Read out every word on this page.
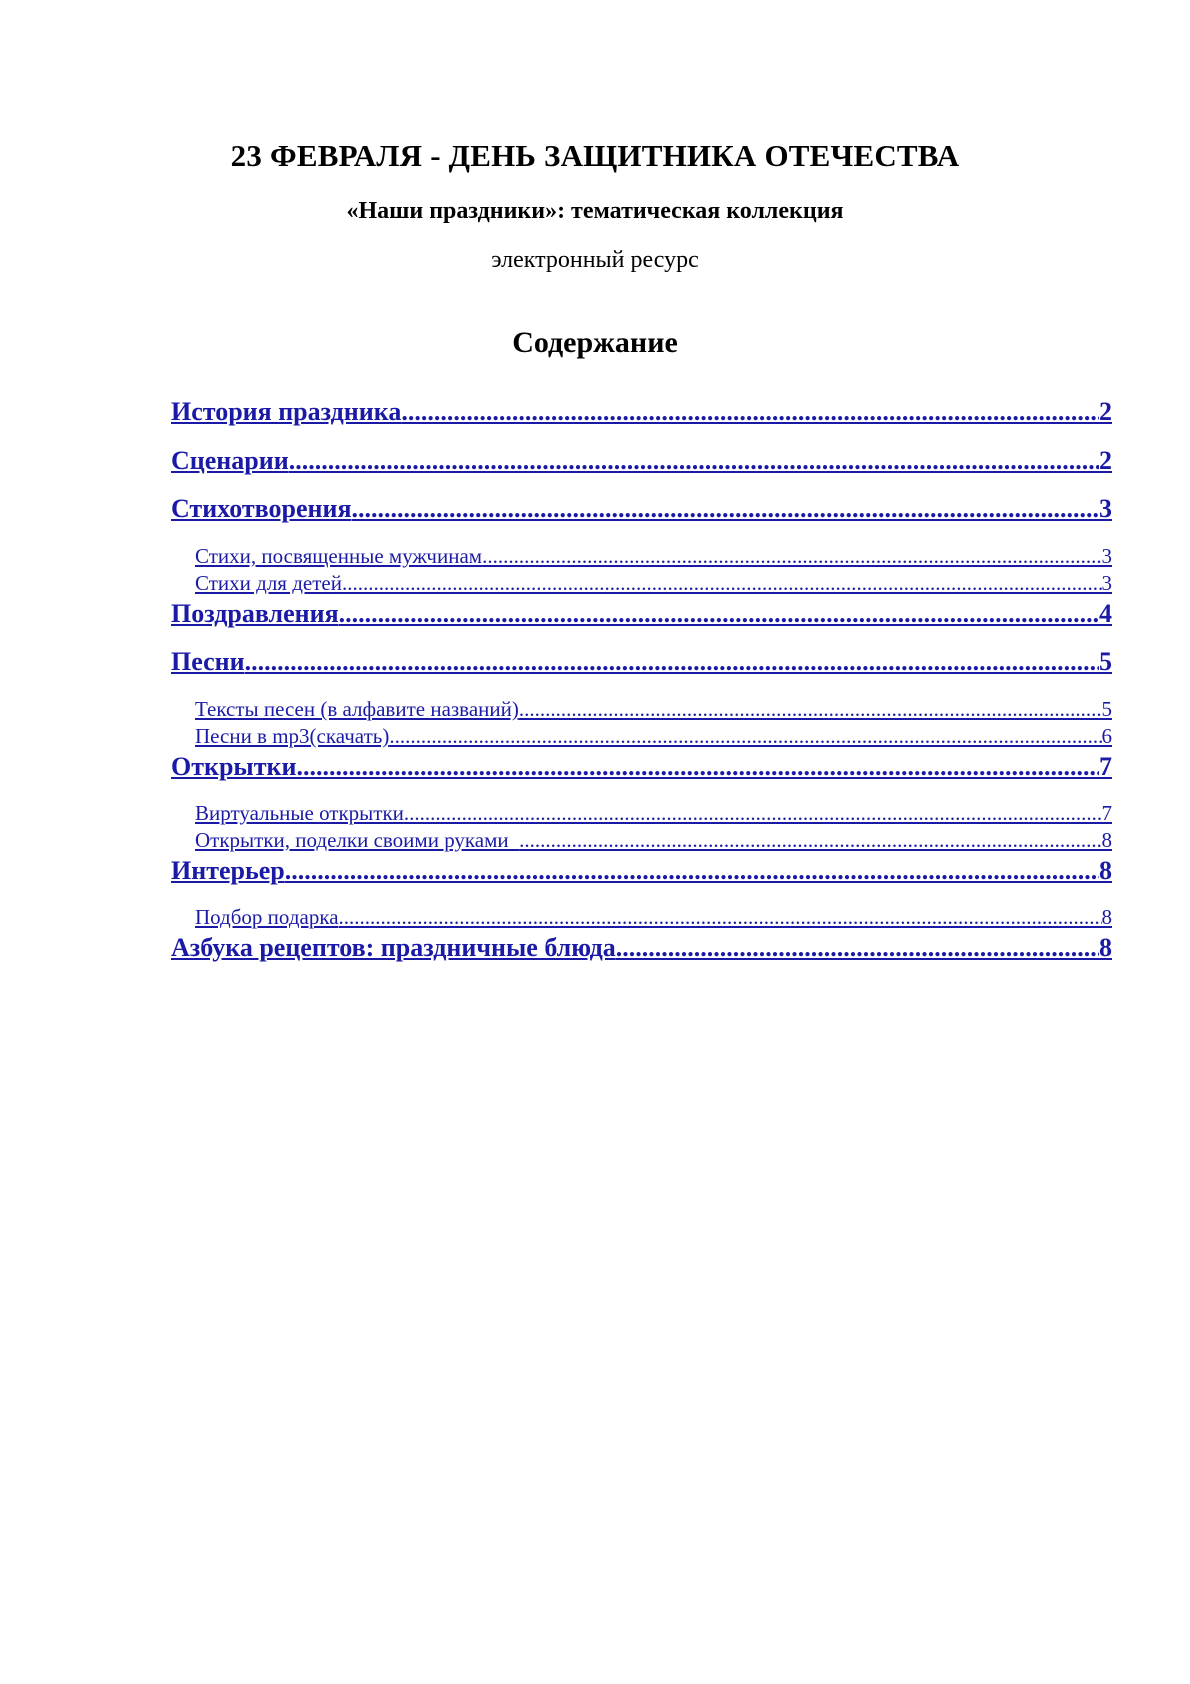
23 ФЕВРАЛЯ - ДЕНЬ ЗАЩИТНИКА ОТЕЧЕСТВА
«Наши праздники»: тематическая коллекция
электронный ресурс
Содержание
История праздника .....	2
Сценарии .....	2
Стихотворения .....	3
Стихи, посвященные мужчинам .....	3
Стихи для детей .....	3
Поздравления .....	4
Песни .....	5
Тексты песен (в алфавите названий) .....	5
Песни в mp3(скачать) .....	6
Открытки .....	7
Виртуальные открытки .....	7
Открытки, поделки своими руками .....	8
Интерьер .....	8
Подбор подарка .....	8
Азбука рецептов: праздничные блюда .....	8
